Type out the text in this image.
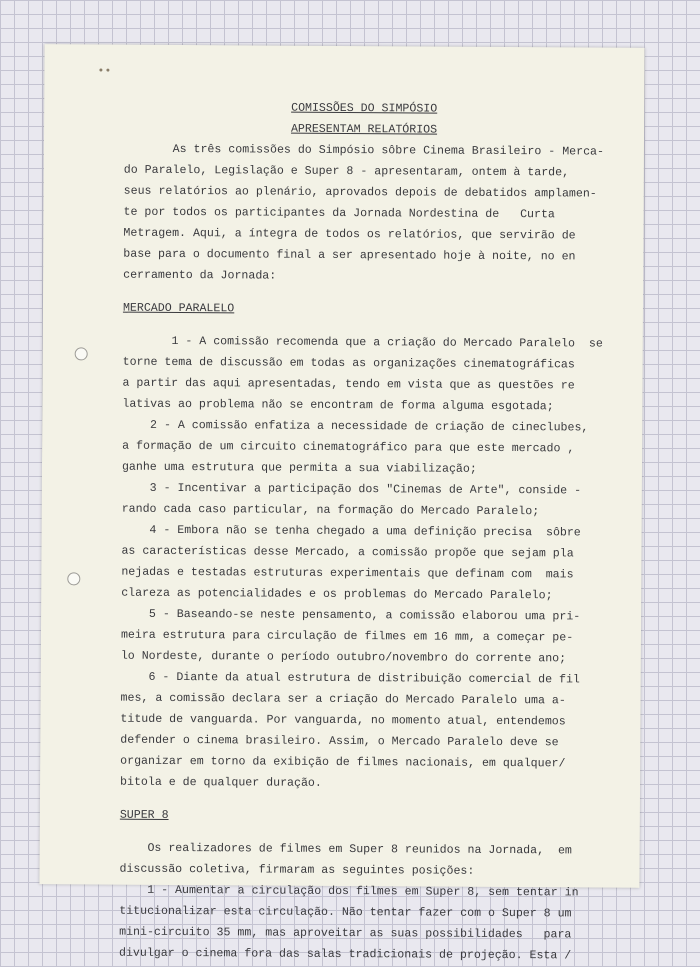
COMISSÕES DO SIMPÓSIO
APRESENTAM RELATÓRIOS
As três comissões do Simpósio sôbre Cinema Brasileiro - Merca-
do Paralelo, Legislação e Super 8 - apresentaram, ontem à tarde,
seus relatórios ao plenário, aprovados depois de debatidos amplamen-
te por todos os participantes da Jornada Nordestina de   Curta
Metragem. Aqui, a íntegra de todos os relatórios, que servirão de
base para o documento final a ser apresentado hoje à noite, no en
cerramento da Jornada:
MERCADO PARALELO
1 - A comissão recomenda que a criação do Mercado Paralelo  se
torne tema de discussão em todas as organizações cinematográficas
a partir das aqui apresentadas, tendo em vista que as questões re
lativas ao problema não se encontram de forma alguma esgotada;
2 - A comissão enfatiza a necessidade de criação de cineclubes,
a formação de um circuito cinematográfico para que este mercado ,
ganhe uma estrutura que permita a sua viabilização;
3 - Incentivar a participação dos "Cinemas de Arte", conside -
rando cada caso particular, na formação do Mercado Paralelo;
4 - Embora não se tenha chegado a uma definição precisa  sôbre
as características desse Mercado, a comissão propõe que sejam pla
nejadas e testadas estruturas experimentais que definam com  mais
clareza as potencialidades e os problemas do Mercado Paralelo;
5 - Baseando-se neste pensamento, a comissão elaborou uma pri-
meira estrutura para circulação de filmes em 16 mm, a começar pe-
lo Nordeste, durante o período outubro/novembro do corrente ano;
6 - Diante da atual estrutura de distribuição comercial de fil
mes, a comissão declara ser a criação do Mercado Paralelo uma a-
titude de vanguarda. Por vanguarda, no momento atual, entendemos
defender o cinema brasileiro. Assim, o Mercado Paralelo deve se
organizar em torno da exibição de filmes nacionais, em qualquer/
bitola e de qualquer duração.
SUPER 8
Os realizadores de filmes em Super 8 reunidos na Jornada,  em
discussão coletiva, firmaram as seguintes posições:
1 - Aumentar a circulação dos filmes em Super 8, sem tentar in
titucionalizar esta circulação. Não tentar fazer com o Super 8 um
mini-circuito 35 mm, mas aproveitar as suas possibilidades   para
divulgar o cinema fora das salas tradicionais de projeção. Esta /
